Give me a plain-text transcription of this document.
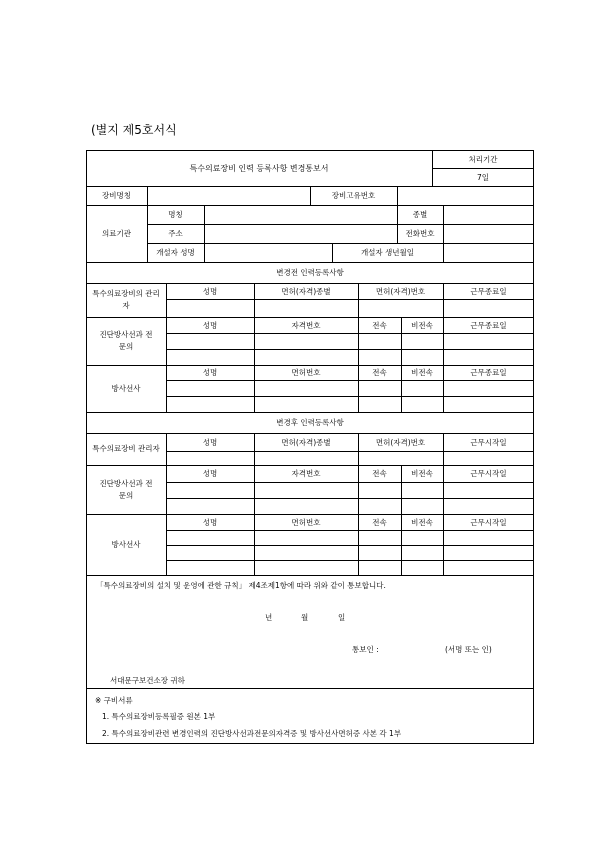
(별지 제5호서식
특수의료장비 인력 등록사항 변경통보서
처리기간
7일
장비명칭	장비고유번호
의료기관
명칭	종별
주소	전화번호
개설자 성명	개설자 생년월일
변경전 인력등록사항
특수의료장비의 관리자
성명	면허(자격)종별	면허(자격)번호	근무종료일
진단방사선과 전문의
성명	자격번호	전속	비전속	근무종료일
방사선사
성명	면허번호	전속	비전속	근무종료일
변경후 인력등록사항
특수의료장비 관리자
성명	면허(자격)종별	면허(자격)번호	근무시작일
진단방사선과 전문의
성명	자격번호	전속	비전속	근무시작일
방사선사
성명	면허번호	전속	비전속	근무시작일
「특수의료장비의 설치 및 운영에 관한 규칙」 제4조제1항에 따라 위와 같이 통보합니다.
년	월	일
통보인 :	(서명 또는 인)
서대문구보건소장 귀하
※ 구비서류
1. 특수의료장비등록필증 원본 1부
2. 특수의료장비관련 변경인력의 진단방사선과전문의자격증 및 방사선사면허증 사본 각 1부
